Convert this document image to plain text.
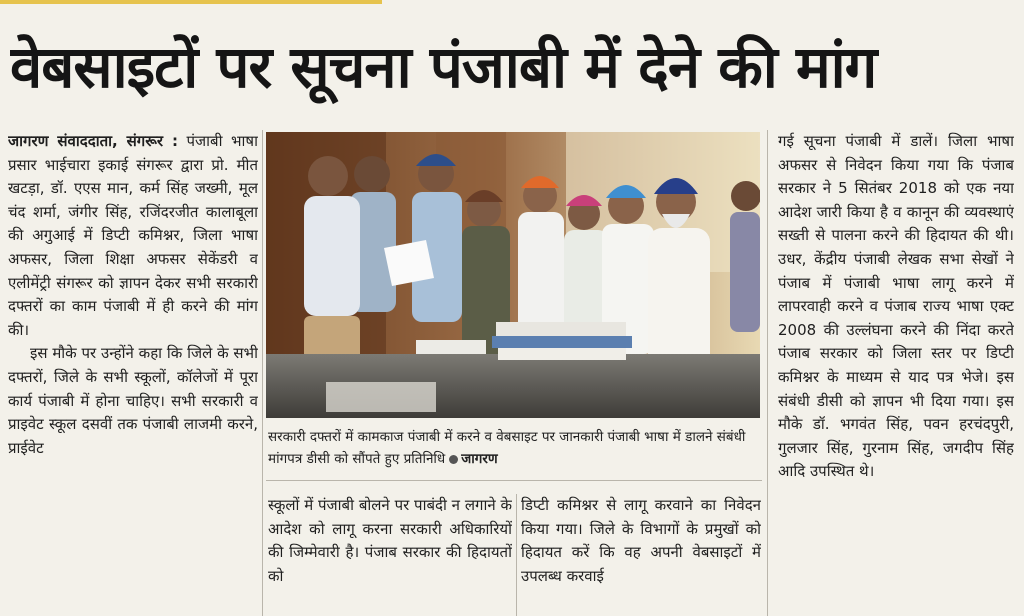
वेबसाइटों पर सूचना पंजाबी में देने की मांग

जागरण संवाददाता, संगरूर : पंजाबी भाषा प्रसार भाईचारा इकाई संगरूर द्वारा प्रो. मीत खटड़ा, डॉ. एएस मान, कर्म सिंह जख्मी, मूल चंद शर्मा, जंगीर सिंह, रजिंदरजीत कालाबूला की अगुआई में डिप्टी कमिश्नर, जिला भाषा अफसर, जिला शिक्षा अफसर सेकेंडरी व एलीमेंट्री संगरूर को ज्ञापन देकर सभी सरकारी दफ्तरों का काम पंजाबी में ही करने की मांग की।

इस मौके पर उन्होंने कहा कि जिले के सभी दफ्तरों, जिले के सभी स्कूलों, कॉलेजों में पूरा कार्य पंजाबी में होना चाहिए। सभी सरकारी व प्राइवेट स्कूल दसवीं तक पंजाबी लाजमी करने, प्राईवेट

सरकारी दफ्तरों में कामकाज पंजाबी में करने व वेबसाइट पर जानकारी पंजाबी भाषा में डालने संबंधी मांगपत्र डीसी को सौंपते हुए प्रतिनिधि जागरण

स्कूलों में पंजाबी बोलने पर पाबंदी न लगाने के आदेश को लागू करना सरकारी अधिकारियों की जिम्मेवारी है। पंजाब सरकार की हिदायतों को

डिप्टी कमिश्नर से लागू करवाने का निवेदन किया गया। जिले के विभागों के प्रमुखों को हिदायत करें कि वह अपनी वेबसाइटों में उपलब्ध करवाई

गई सूचना पंजाबी में डालें। जिला भाषा अफसर से निवेदन किया गया कि पंजाब सरकार ने 5 सितंबर 2018 को एक नया आदेश जारी किया है व कानून की व्यवस्थाएं सख्ती से पालना करने की हिदायत की थी। उधर, केंद्रीय पंजाबी लेखक सभा सेखों ने पंजाब में पंजाबी भाषा लागू करने में लापरवाही करने व पंजाब राज्य भाषा एक्ट 2008 की उल्लंघना करने की निंदा करते पंजाब सरकार को जिला स्तर पर डिप्टी कमिश्नर के माध्यम से याद पत्र भेजे। इस संबंधी डीसी को ज्ञापन भी दिया गया। इस मौके डॉ. भगवंत सिंह, पवन हरचंदपुरी, गुलजार सिंह, गुरनाम सिंह, जगदीप सिंह आदि उपस्थित थे।
